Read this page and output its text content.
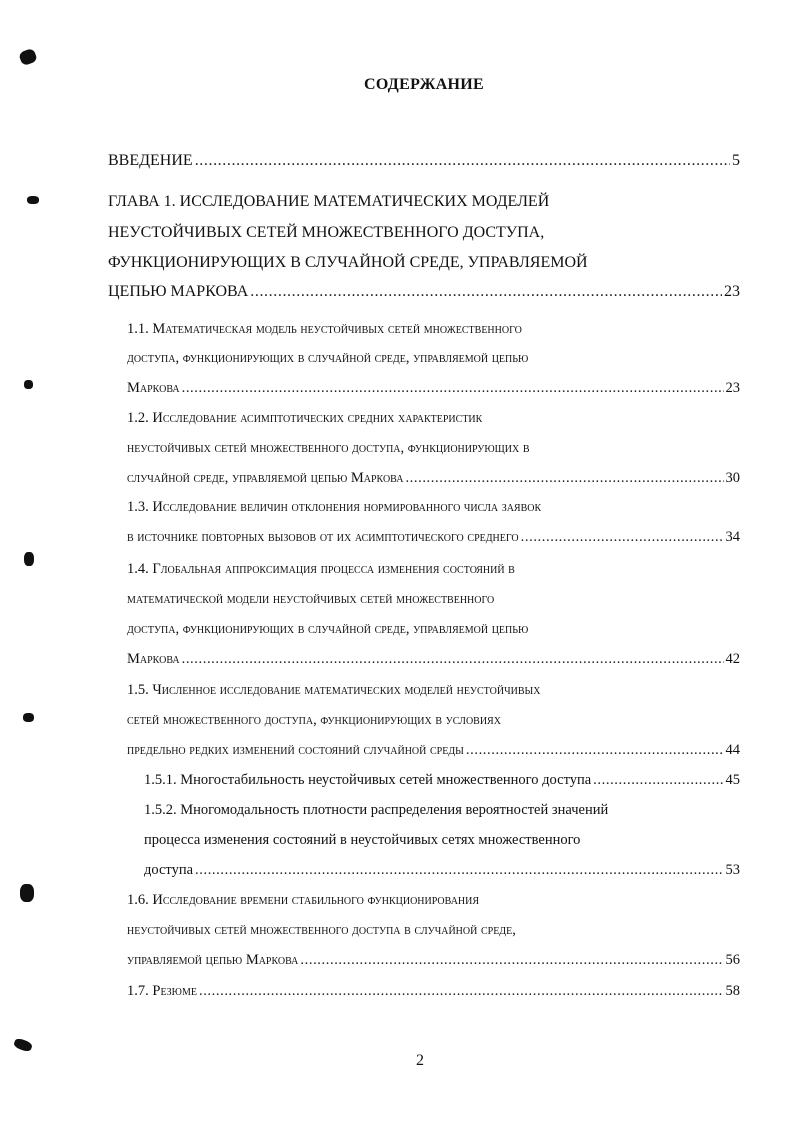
СОДЕРЖАНИЕ
ВВЕДЕНИЕ .....	5
ГЛАВА 1. ИССЛЕДОВАНИЕ МАТЕМАТИЧЕСКИХ МОДЕЛЕЙ
НЕУСТОЙЧИВЫХ СЕТЕЙ МНОЖЕСТВЕННОГО ДОСТУПА,
ФУНКЦИОНИРУЮЩИХ В СЛУЧАЙНОЙ СРЕДЕ, УПРАВЛЯЕМОЙ
ЦЕПЬЮ МАРКОВА .....	23
1.1. Математическая модель неустойчивых сетей множественного
доступа, функционирующих в случайной среде, управляемой цепью
Маркова .....	23
1.2. Исследование асимптотических средних характеристик
неустойчивых сетей множественного доступа, функционирующих в
случайной среде, управляемой цепью Маркова .....	30
1.3. Исследование величин отклонения нормированного числа заявок
в источнике повторных вызовов от их асимптотического среднего .....	34
1.4. Глобальная аппроксимация процесса изменения состояний в
математической модели неустойчивых сетей множественного
доступа, функционирующих в случайной среде, управляемой цепью
Маркова .....	42
1.5. Численное исследование математических моделей неустойчивых
сетей множественного доступа, функционирующих в условиях
предельно редких изменений состояний случайной среды .....	44
1.5.1. Многостабильность неустойчивых сетей множественного доступа .....	45
1.5.2. Многомодальность плотности распределения вероятностей значений
процесса изменения состояний в неустойчивых сетях множественного
доступа .....	53
1.6. Исследование времени стабильного функционирования
неустойчивых сетей множественного доступа в случайной среде,
управляемой цепью Маркова .....	56
1.7. Резюме .....	58
2
